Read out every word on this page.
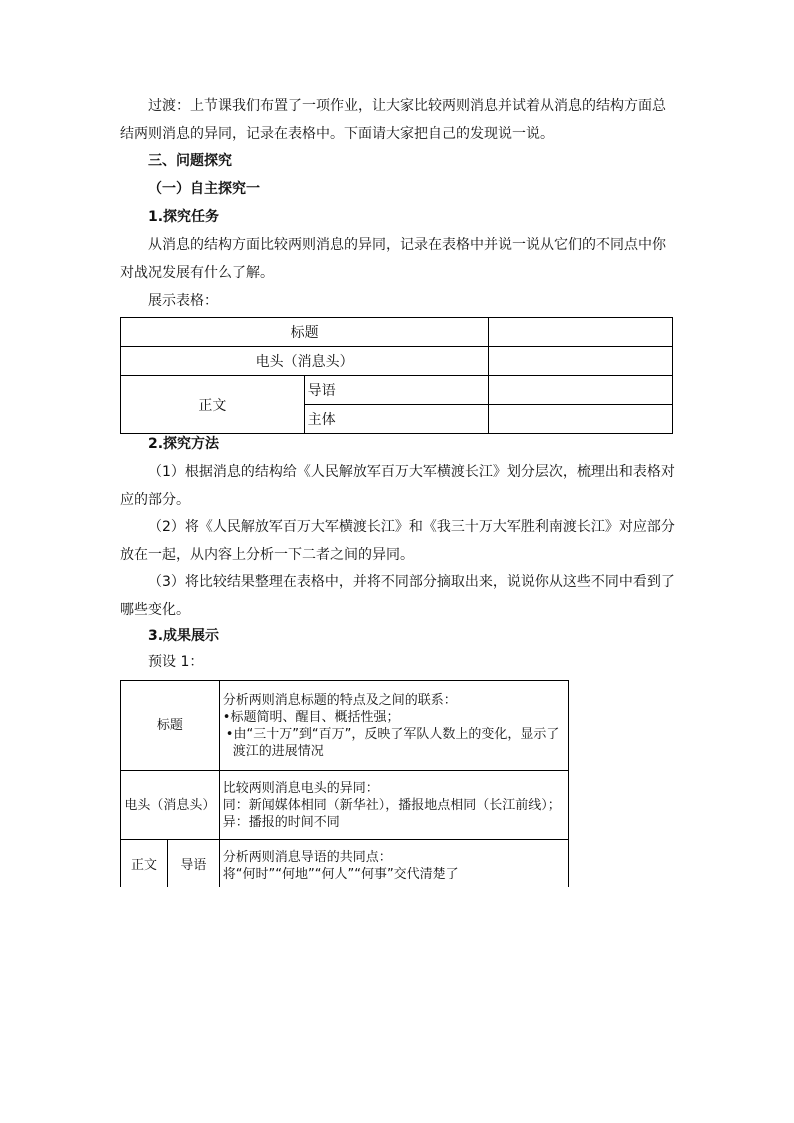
过渡：上节课我们布置了一项作业，让大家比较两则消息并试着从消息的结构方面总
结两则消息的异同，记录在表格中。下面请大家把自己的发现说一说。
三、问题探究
（一）自主探究一
1.探究任务
从消息的结构方面比较两则消息的异同，记录在表格中并说一说从它们的不同点中你
对战况发展有什么了解。
展示表格：
标题		
电头（消息头）		
正文	导语	
	主体	
2.探究方法
（1）根据消息的结构给《人民解放军百万大军横渡长江》划分层次，梳理出和表格对
应的部分。
（2）将《人民解放军百万大军横渡长江》和《我三十万大军胜利南渡长江》对应部分
放在一起，从内容上分析一下二者之间的异同。
（3）将比较结果整理在表格中，并将不同部分摘取出来，说说你从这些不同中看到了
哪些变化。
3.成果展示
预设 1：
标题		分析两则消息标题的特点及之间的联系：
•标题简明、醒目、概括性强；
•由“三十万”到“百万”，反映了军队人数上的变化，显示了渡江的进展情况

电头（消息头）		比较两则消息电头的异同：
同：新闻媒体相同（新华社），播报地点相同（长江前线）；异：播报的时间不同

正文	导语	分析两则消息导语的共同点：
将“何时”“何地”“何人”“何事”交代清楚了
